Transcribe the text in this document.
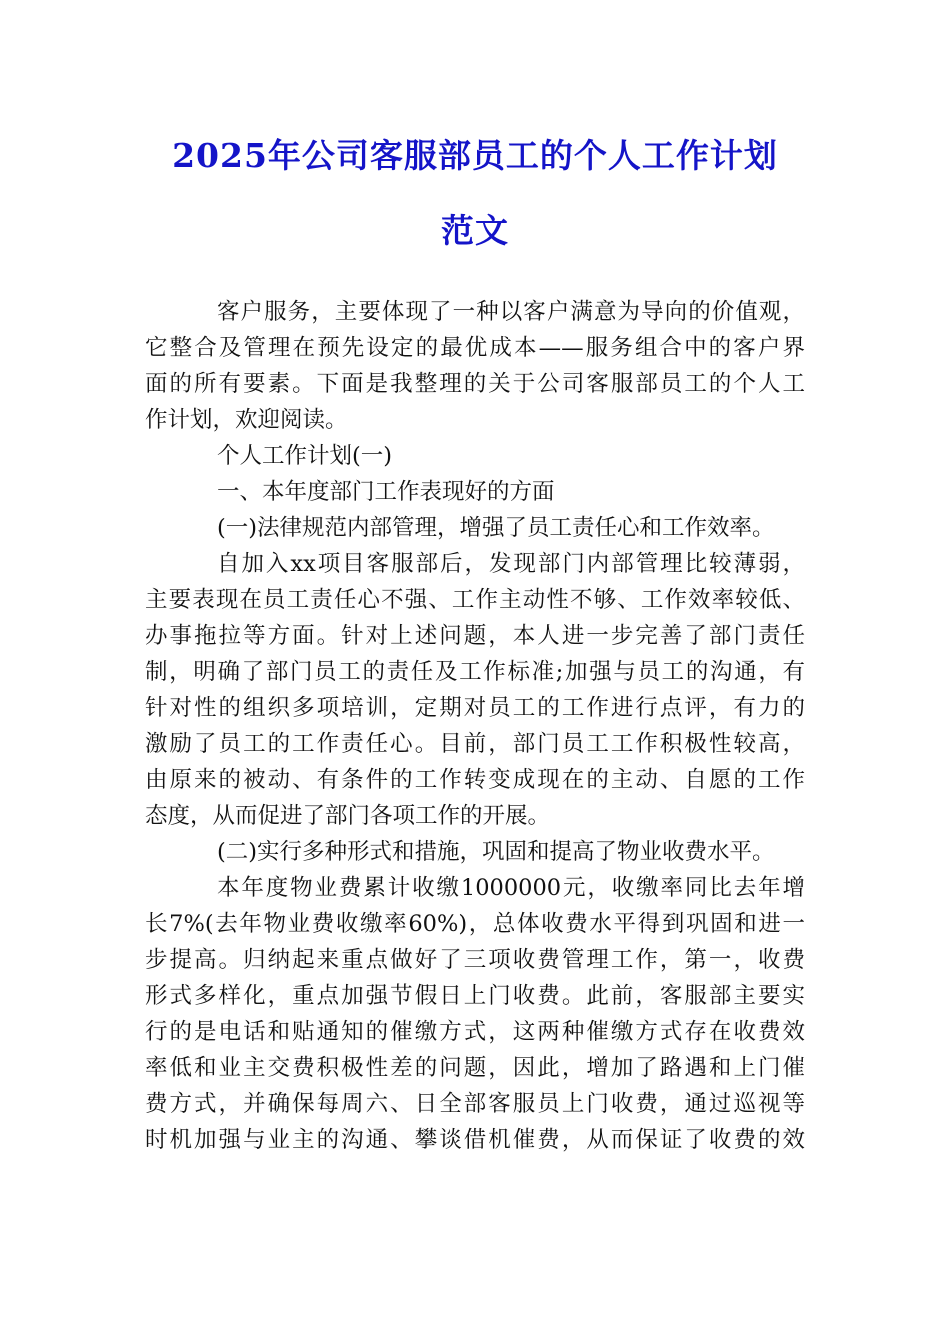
2025年公司客服部员工的个人工作计划
范文

客户服务，主要体现了一种以客户满意为导向的价值观，

它整合及管理在预先设定的最优成本——服务组合中的客户界

面的所有要素。下面是我整理的关于公司客服部员工的个人工

作计划，欢迎阅读。

个人工作计划(一)

一、本年度部门工作表现好的方面

(一)法律规范内部管理，增强了员工责任心和工作效率。

自加入xx项目客服部后，发现部门内部管理比较薄弱，

主要表现在员工责任心不强、工作主动性不够、工作效率较低、

办事拖拉等方面。针对上述问题，本人进一步完善了部门责任

制，明确了部门员工的责任及工作标准;加强与员工的沟通，有

针对性的组织多项培训，定期对员工的工作进行点评，有力的

激励了员工的工作责任心。目前，部门员工工作积极性较高，

由原来的被动、有条件的工作转变成现在的主动、自愿的工作

态度，从而促进了部门各项工作的开展。

(二)实行多种形式和措施，巩固和提高了物业收费水平。

本年度物业费累计收缴1000000元，收缴率同比去年增

长7%(去年物业费收缴率60%)，总体收费水平得到巩固和进一

步提高。归纳起来重点做好了三项收费管理工作，第一，收费

形式多样化，重点加强节假日上门收费。此前，客服部主要实

行的是电话和贴通知的催缴方式，这两种催缴方式存在收费效

率低和业主交费积极性差的问题，因此，增加了路遇和上门催

费方式，并确保每周六、日全部客服员上门收费，通过巡视等

时机加强与业主的沟通、攀谈借机催费，从而保证了收费的效
